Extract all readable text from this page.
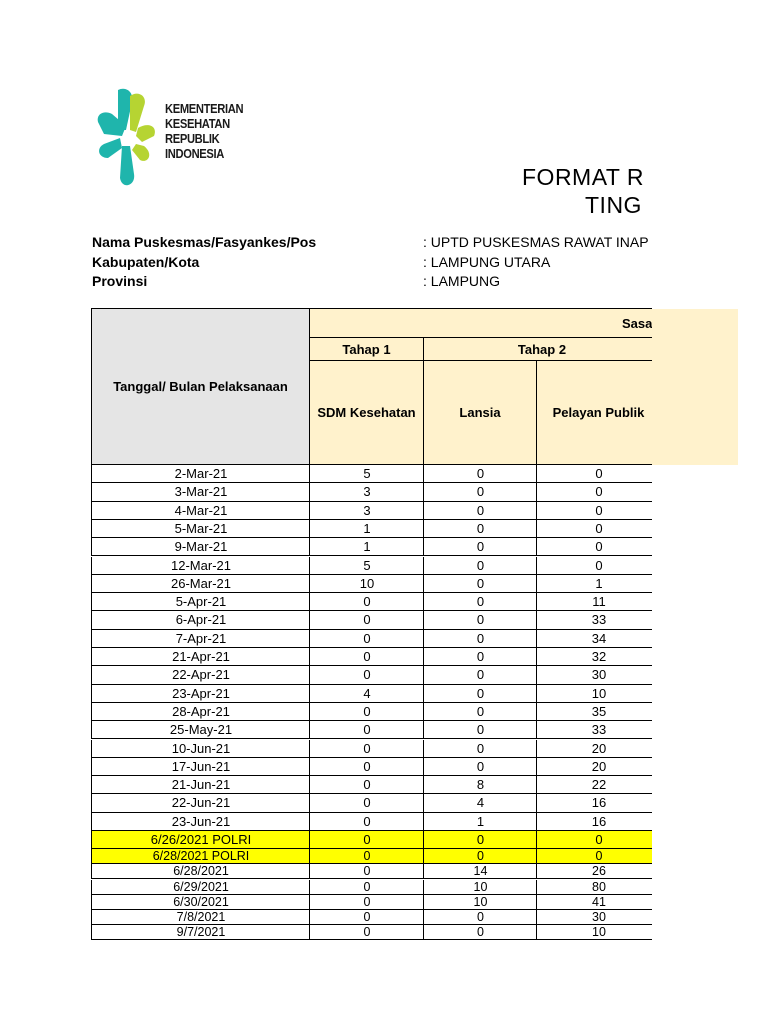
KEMENTERIAN
KESEHATAN
REPUBLIK
INDONESIA
FORMAT R
TING
Nama Puskesmas/Fasyankes/Pos	: UPTD PUSKESMAS RAWAT INAP
Kabupaten/Kota	: LAMPUNG UTARA
Provinsi	: LAMPUNG
Tanggal/ Bulan Pelaksanaan
Sasa
Tahap 1	Tahap 2
SDM Kesehatan	Lansia	Pelayan Publik
2-Mar-21	5	0	0
3-Mar-21	3	0	0
4-Mar-21	3	0	0
5-Mar-21	1	0	0
9-Mar-21	1	0	0
12-Mar-21	5	0	0
26-Mar-21	10	0	1
5-Apr-21	0	0	11
6-Apr-21	0	0	33
7-Apr-21	0	0	34
21-Apr-21	0	0	32
22-Apr-21	0	0	30
23-Apr-21	4	0	10
28-Apr-21	0	0	35
25-May-21	0	0	33
10-Jun-21	0	0	20
17-Jun-21	0	0	20
21-Jun-21	0	8	22
22-Jun-21	0	4	16
23-Jun-21	0	1	16
6/26/2021 POLRI	0	0	0
6/28/2021 POLRI	0	0	0
6/28/2021	0	14	26
6/29/2021	0	10	80
6/30/2021	0	10	41
7/8/2021	0	0	30
9/7/2021	0	0	10
